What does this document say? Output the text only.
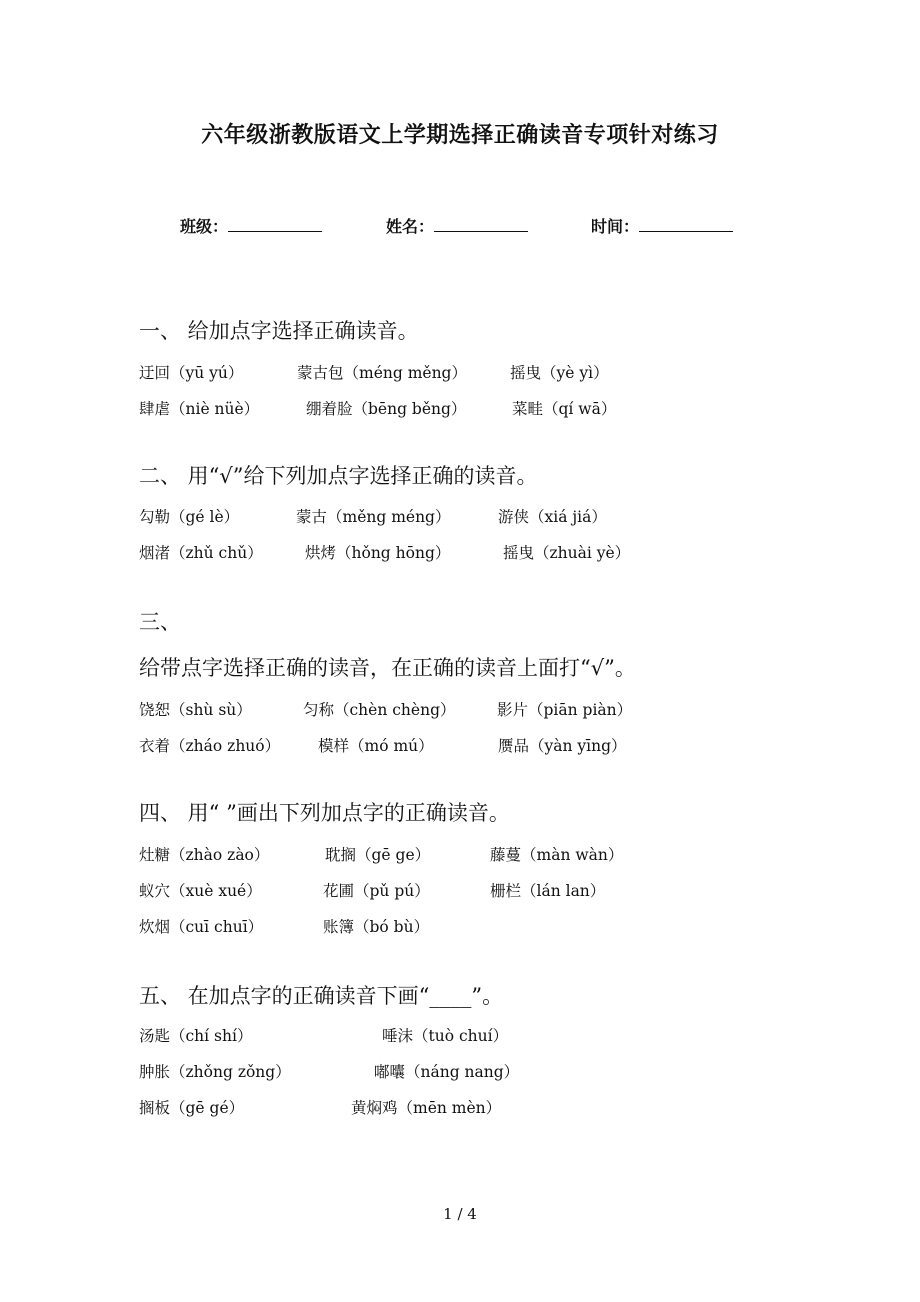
六年级浙教版语文上学期选择正确读音专项针对练习
班级：	姓名：	时间：
一、 给加点字选择正确读音。
迂回（yū yú）	蒙古包（méng měng）	摇曳（yè yì）
肆虐（niè nüè）	绷着脸（bēng běng）	菜畦（qí wā）
二、 用“√”给下列加点字选择正确的读音。
勾勒（gé lè）	蒙古（měng méng）	游侠（xiá jiá）
烟渚（zhǔ chǔ）	烘烤（hǒng hōng）	摇曳（zhuài yè）
三、
给带点字选择正确的读音，在正确的读音上面打“√”。
饶恕（shù sù）	匀称（chèn chèng）	影片（piān piàn）
衣着（zháo zhuó） 模样（mó mú）	赝品（yàn yīng）
四、 用“ ”画出下列加点字的正确读音。
灶糖（zhào zào）	耽搁（gē ge）	藤蔓（màn wàn）
蚁穴（xuè xué）	花圃（pǔ pú）	栅栏（lán lan）
炊烟（cuī chuī）	账簿（bó bù）
五、 在加点字的正确读音下画“____”。
汤匙（chí shí）	唾沫（tuò chuí）
肿胀（zhǒng zǒng）	嘟囔（náng nang）
搁板（gē gé）	黄焖鸡（mēn mèn）
1 / 4
